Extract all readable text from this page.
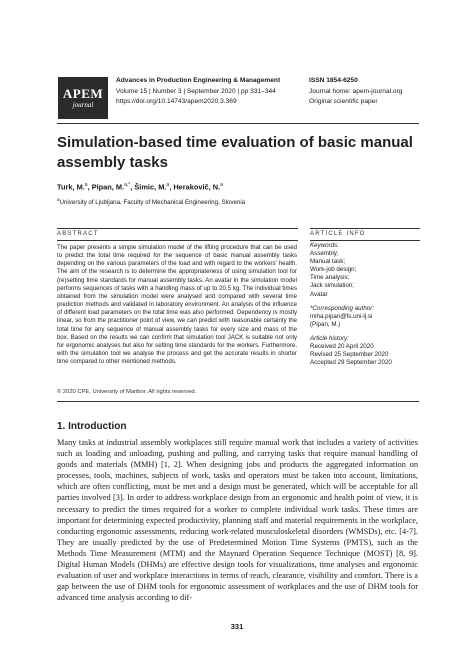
APEM
journal
Advances in Production Engineering & Management
Volume 15 | Number 3 | September 2020 | pp 331–344
https://doi.org/10.14743/apem2020.3.369
ISSN 1854-6250
Journal home: apem-journal.org
Original scientific paper
Simulation-based time evaluation of basic manual assembly tasks
Turk, M.$^a$, Pipan, M.$^{a,*}$, Šimic, M.$^a$, Herakovič, N.$^a$
$^a$University of Ljubljana, Faculty of Mechanical Engineering, Slovenia
ABSTRACT	ARTICLE INFO

The paper presents a simple simulation model of the lifting procedure that can be used to predict the total time required for the sequence of basic manual assembly tasks depending on the various parameters of the load and with regard to the workers' health. The aim of the research is to determine the appropriateness of using simulation tool for (re)setting time standards for manual assembly tasks. An avatar in the simulation model performs sequences of tasks with a handling mass of up to 20.5 kg. The individual times obtained from the simulation model were analysed and compared with several time prediction methods and validated in laboratory environment. An analysis of the influence of different load parameters on the total time was also performed. Dependency is mostly linear, so from the practitioner point of view, we can predict with reasonable certainty the total time for any sequence of manual assembly tasks for every size and mass of the box. Based on the results we can confirm that simulation tool JACK is suitable not only for ergonomic analyses but also for setting time standards for the workers. Furthermore, with the simulation tool we analyse the process and get the accurate results in shorter time compared to other mentioned methods.

© 2020 CPE, University of Maribor. All rights reserved.
Keywords:
Assembly;
Manual task;
Work-job design;
Time analysis;
Jack simulation;
Avatar
*Corresponding author:
miha.pipan@fs.uni-lj.si
(Pipan, M.)
Article history:
Received 20 April 2020
Revised 25 September 2020
Accepted 29 September 2020
1. Introduction

Many tasks at industrial assembly workplaces still require manual work that includes a variety of activities such as loading and unloading, pushing and pulling, and carrying tasks that require manual handling of goods and materials (MMH) [1, 2]. When designing jobs and products the aggregated information on processes, tools, machines, subjects of work, tasks and operators must be taken into account, limitations, which are often conflicting, must be met and a design must be generated, which will be acceptable for all parties involved [3]. In order to address workplace design from an ergonomic and health point of view, it is necessary to predict the times required for a worker to complete individual work tasks. These times are important for determining expected productivity, planning staff and material requirements in the workplace, conducting ergonomic assessments, reducing work-related musculoskeletal disorders (WMSDs), etc. [4-7]. They are usually predicted by the use of Predetermined Motion Time Systems (PMTS), such as the Methods Time Measurement (MTM) and the Maynard Operation Sequence Technique (MOST) [8, 9]. Digital Human Models (DHMs) are effective design tools for visualizations, time analyses and ergonomic evaluation of user and workplace interactions in terms of reach, clearance, visibility and comfort. There is a gap between the use of DHM tools for ergonomic assessment of workplaces and the use of DHM tools for advanced time analysis according to dif-

331
